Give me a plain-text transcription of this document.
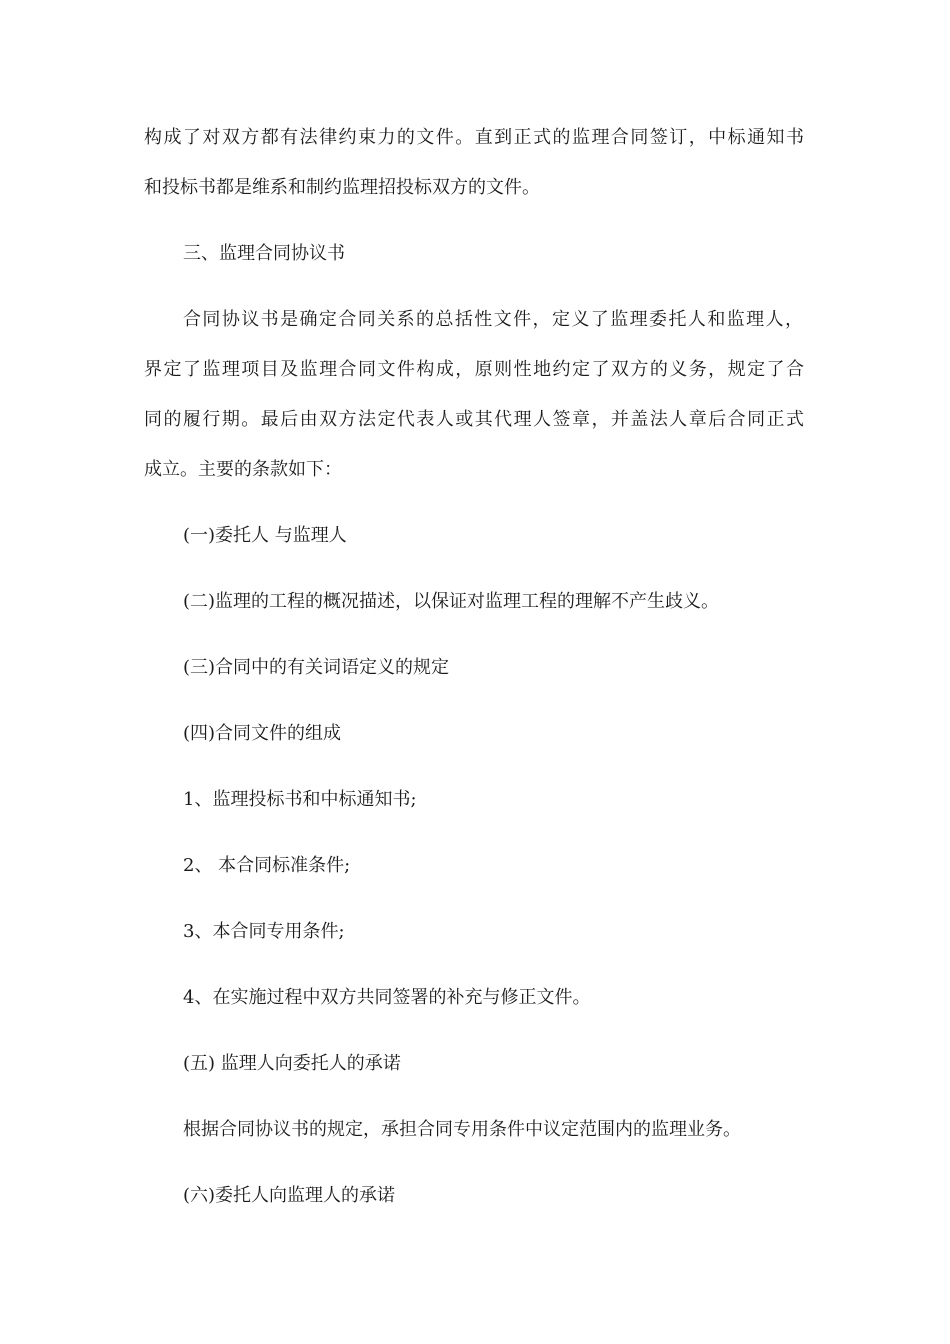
构成了对双方都有法律约束力的文件。直到正式的监理合同签订，中标通知书
和投标书都是维系和制约监理招投标双方的文件。
三、监理合同协议书
合同协议书是确定合同关系的总括性文件，定义了监理委托人和监理人，
界定了监理项目及监理合同文件构成，原则性地约定了双方的义务，规定了合
同的履行期。最后由双方法定代表人或其代理人签章，并盖法人章后合同正式
成立。主要的条款如下：
(一)委托人 与监理人
(二)监理的工程的概况描述，以保证对监理工程的理解不产生歧义。
(三)合同中的有关词语定义的规定
(四)合同文件的组成
1、监理投标书和中标通知书;
2、 本合同标准条件;
3、本合同专用条件;
4、在实施过程中双方共同签署的补充与修正文件。
(五) 监理人向委托人的承诺
根据合同协议书的规定，承担合同专用条件中议定范围内的监理业务。
(六)委托人向监理人的承诺
